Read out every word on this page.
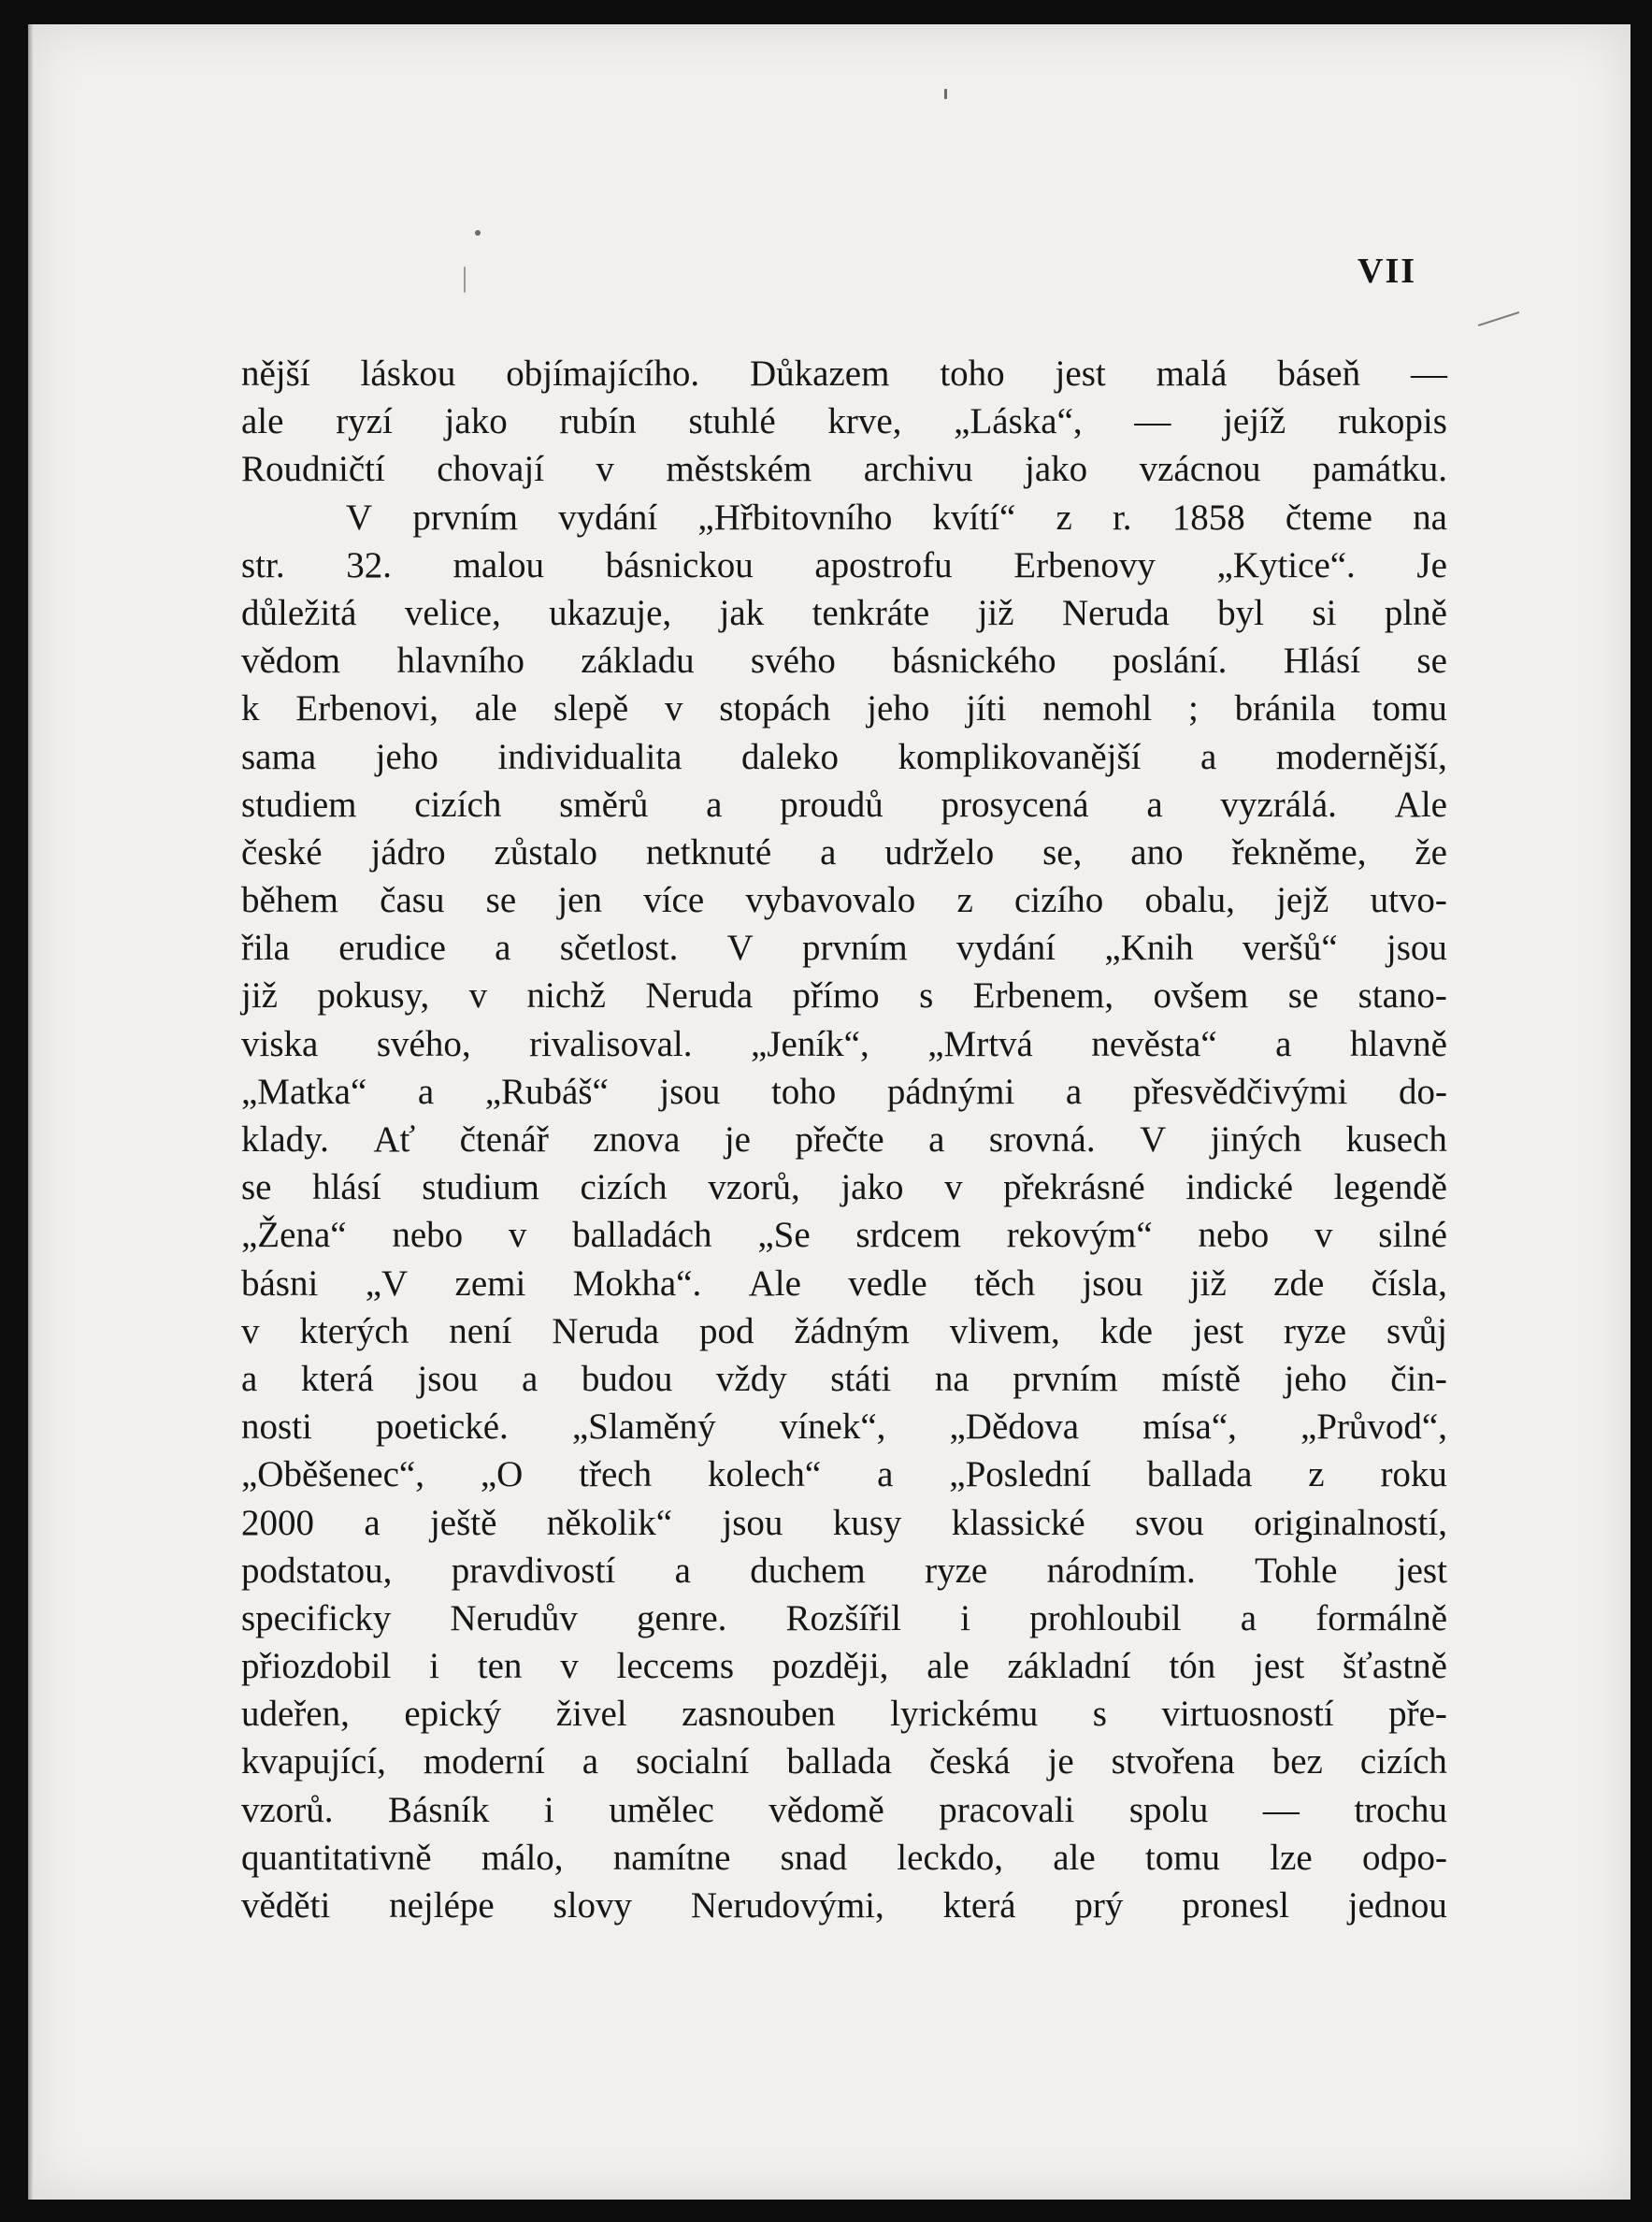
VII
nější láskou objímajícího. Důkazem toho jest malá báseň —
ale ryzí jako rubín stuhlé krve, „Láska“, — jejíž rukopis
Roudničtí chovají v městském archivu jako vzácnou památku.
V prvním vydání „Hřbitovního kvítí“ z r. 1858 čteme na
str. 32. malou básnickou apostrofu Erbenovy „Kytice“. Je
důležitá velice, ukazuje, jak tenkráte již Neruda byl si plně
vědom hlavního základu svého básnického poslání. Hlásí se
k Erbenovi, ale slepě v stopách jeho jíti nemohl ; bránila tomu
sama jeho individualita daleko komplikovanější a modernější,
studiem cizích směrů a proudů prosycená a vyzrálá. Ale
české jádro zůstalo netknuté a udrželo se, ano řekněme, že
během času se jen více vybavovalo z cizího obalu, jejž utvo-
řila erudice a sčetlost. V prvním vydání „Knih veršů“ jsou
již pokusy, v nichž Neruda přímo s Erbenem, ovšem se stano-
viska svého, rivalisoval. „Jeník“, „Mrtvá nevěsta“ a hlavně
„Matka“ a „Rubáš“ jsou toho pádnými a přesvědčivými do-
klady. Ať čtenář znova je přečte a srovná. V jiných kusech
se hlásí studium cizích vzorů, jako v překrásné indické legendě
„Žena“ nebo v balladách „Se srdcem rekovým“ nebo v silné
básni „V zemi Mokha“. Ale vedle těch jsou již zde čísla,
v kterých není Neruda pod žádným vlivem, kde jest ryze svůj
a která jsou a budou vždy státi na prvním místě jeho čin-
nosti poetické. „Slaměný vínek“, „Dědova mísa“, „Průvod“,
„Oběšenec“, „O třech kolech“ a „Poslední ballada z roku
2000 a ještě několik“ jsou kusy klassické svou originalností,
podstatou, pravdivostí a duchem ryze národním. Tohle jest
specificky Nerudův genre. Rozšířil i prohloubil a formálně
přiozdobil i ten v leccems později, ale základní tón jest šťastně
udeřen, epický živel zasnouben lyrickému s virtuosností pře-
kvapující, moderní a socialní ballada česká je stvořena bez cizích
vzorů. Básník i umělec vědomě pracovali spolu — trochu
quantitativně málo, namítne snad leckdo, ale tomu lze odpo-
věděti nejlépe slovy Nerudovými, která prý pronesl jednou
